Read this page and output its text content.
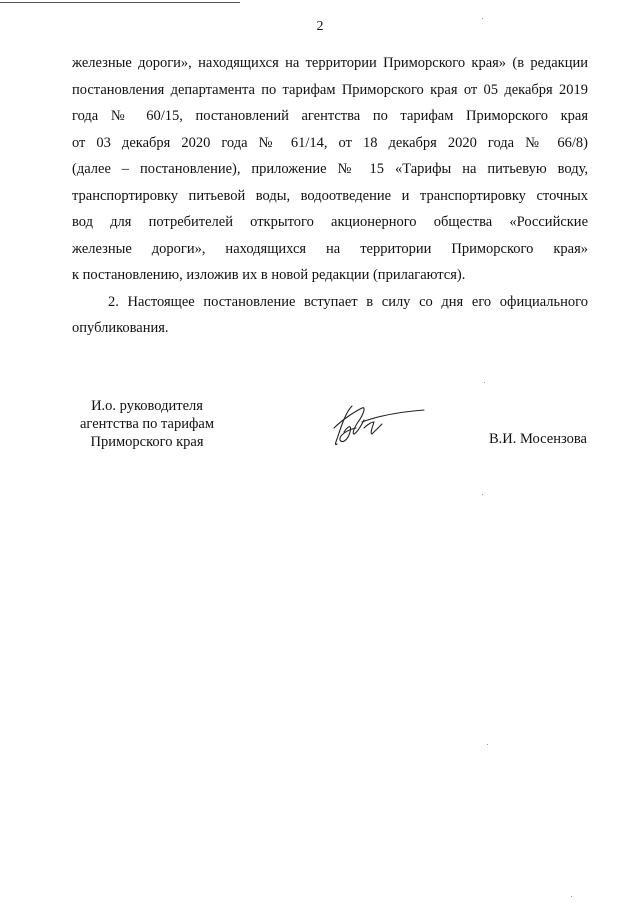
2
железные дороги», находящихся на территории Приморского края» (в редакции
постановления департамента по тарифам Приморского края от 05 декабря 2019
года № 60/15, постановлений агентства по тарифам Приморского края
от 03 декабря 2020 года № 61/14, от 18 декабря 2020 года № 66/8)
(далее – постановление), приложение № 15 «Тарифы на питьевую воду,
транспортировку питьевой воды, водоотведение и транспортировку сточных
вод для потребителей открытого акционерного общества «Российские
железные дороги», находящихся на территории Приморского края»
к постановлению, изложив их в новой редакции (прилагаются).
2. Настоящее постановление вступает в силу со дня его официального
опубликования.
И.о. руководителя
агентства по тарифам
Приморского края	В.И. Мосензова
